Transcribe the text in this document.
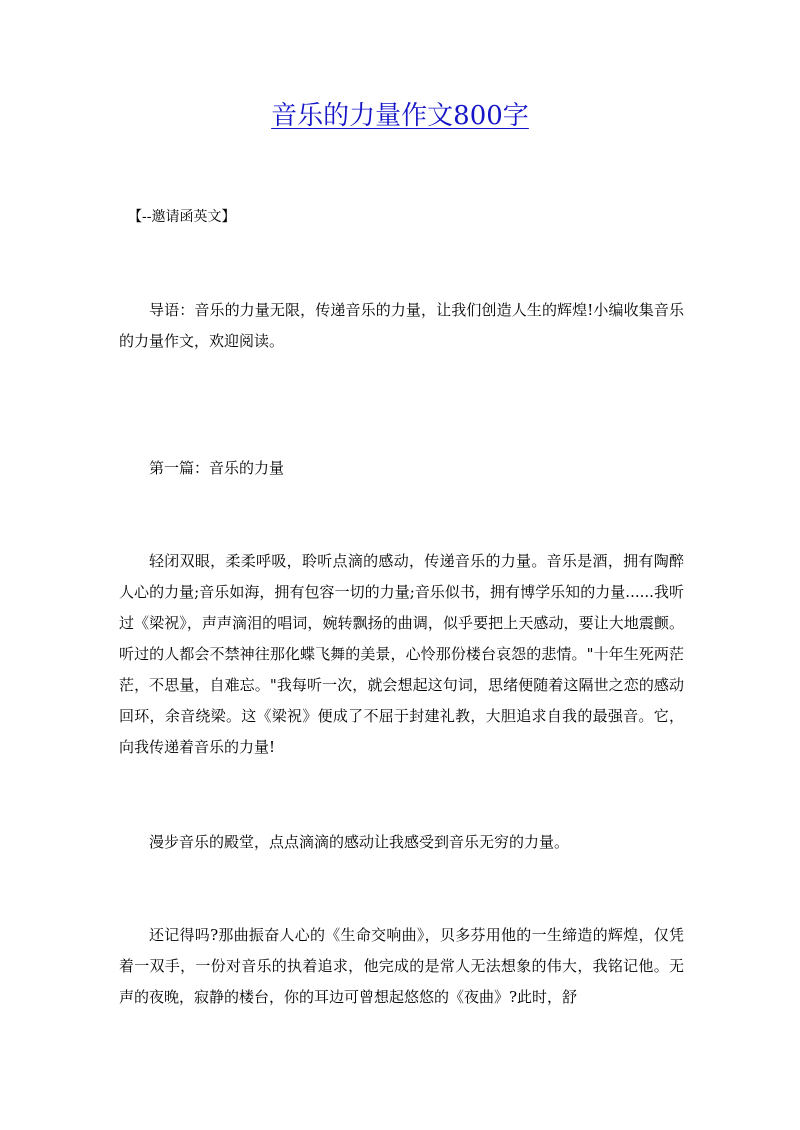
音乐的力量作文800字

【--邀请函英文】

导语：音乐的力量无限，传递音乐的力量，让我们创造人生的辉煌!小编收集音乐的力量作文，欢迎阅读。

第一篇：音乐的力量

轻闭双眼，柔柔呼吸，聆听点滴的感动，传递音乐的力量。音乐是酒，拥有陶醉人心的力量;音乐如海，拥有包容一切的力量;音乐似书，拥有博学乐知的力量......我听过《梁祝》，声声滴泪的唱词，婉转飘扬的曲调，似乎要把上天感动，要让大地震颤。听过的人都会不禁神往那化蝶飞舞的美景，心怜那份楼台哀怨的悲情。"十年生死两茫茫，不思量，自难忘。"我每听一次，就会想起这句词，思绪便随着这隔世之恋的感动回环，余音绕梁。这《梁祝》便成了不屈于封建礼教，大胆追求自我的最强音。它，向我传递着音乐的力量!

漫步音乐的殿堂，点点滴滴的感动让我感受到音乐无穷的力量。

还记得吗?那曲振奋人心的《生命交响曲》，贝多芬用他的一生缔造的辉煌，仅凭着一双手，一份对音乐的执着追求，他完成的是常人无法想象的伟大，我铭记他。无声的夜晚，寂静的楼台，你的耳边可曾想起悠悠的《夜曲》?此时，舒
